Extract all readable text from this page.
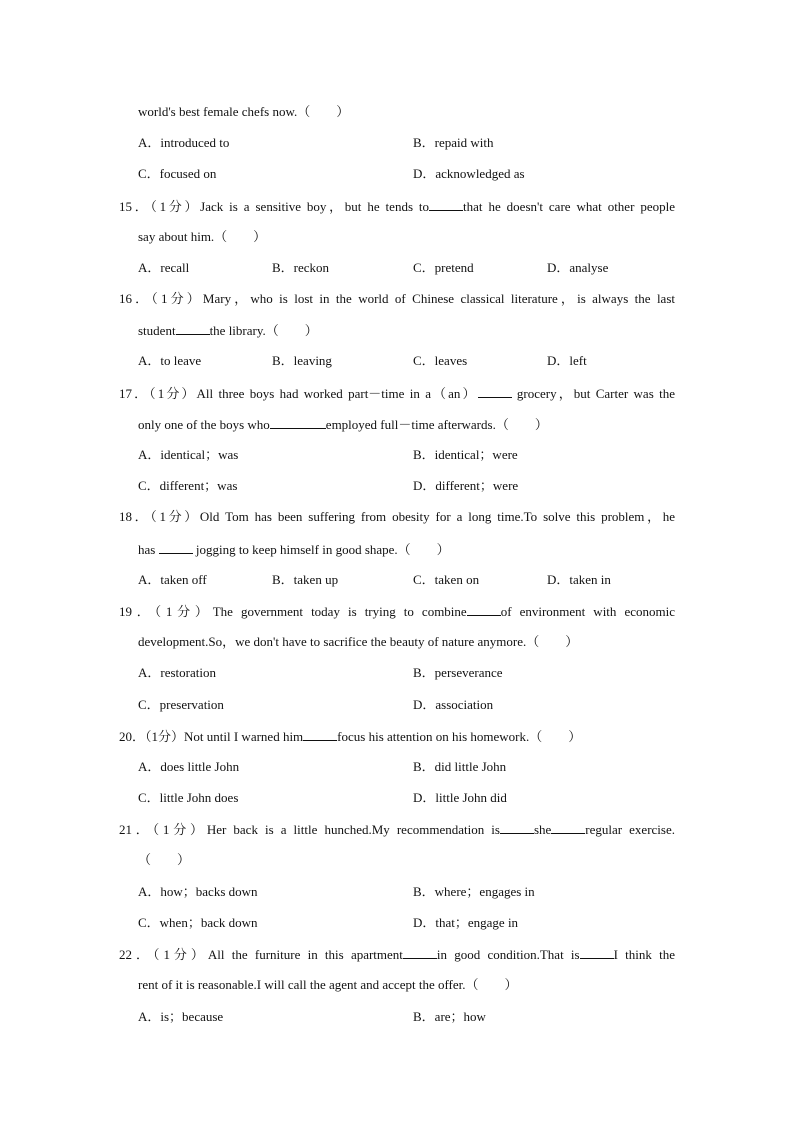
world's best female chefs now.（　　）
A．introduced to	B．repaid with
C．focused on	D．acknowledged as
15．（1分）Jack is a sensitive boy，but he tends to	that he doesn't care what other people
say about him.（　　）
A．recall	B．reckon	C．pretend	D．analyse
16．（1分）Mary，who is lost in the world of Chinese classical literature，is always the last
student	the library.（　　）
A．to leave	B．leaving	C．leaves	D．left
17．（1分）All three boys had worked part－time in a（an）	grocery，but Carter was the
only one of the boys who	employed full－time afterwards.（　　）
A．identical；was	B．identical；were
C．different；was	D．different；were
18．（1分）Old Tom has been suffering from obesity for a long time.To solve this problem，he
has	jogging to keep himself in good shape.（　　）
A．taken off	B．taken up	C．taken on	D．taken in
19．（1分）The government today is trying to combine	of environment with economic
development.So，we don't have to sacrifice the beauty of nature anymore.（　　）
A．restoration	B．perseverance
C．preservation	D．association
20．（1分）Not until I warned him	focus his attention on his homework.（　　）
A．does little John	B．did little John
C．little John does	D．little John did
21．（1分）Her back is a little hunched.My recommendation is	she	regular exercise.
（　　）
A．how；backs down	B．where；engages in
C．when；back down	D．that；engage in
22．（1分）All the furniture in this apartment	in good condition.That is	I think the
rent of it is reasonable.I will call the agent and accept the offer.（　　）
A．is；because	B．are；how
